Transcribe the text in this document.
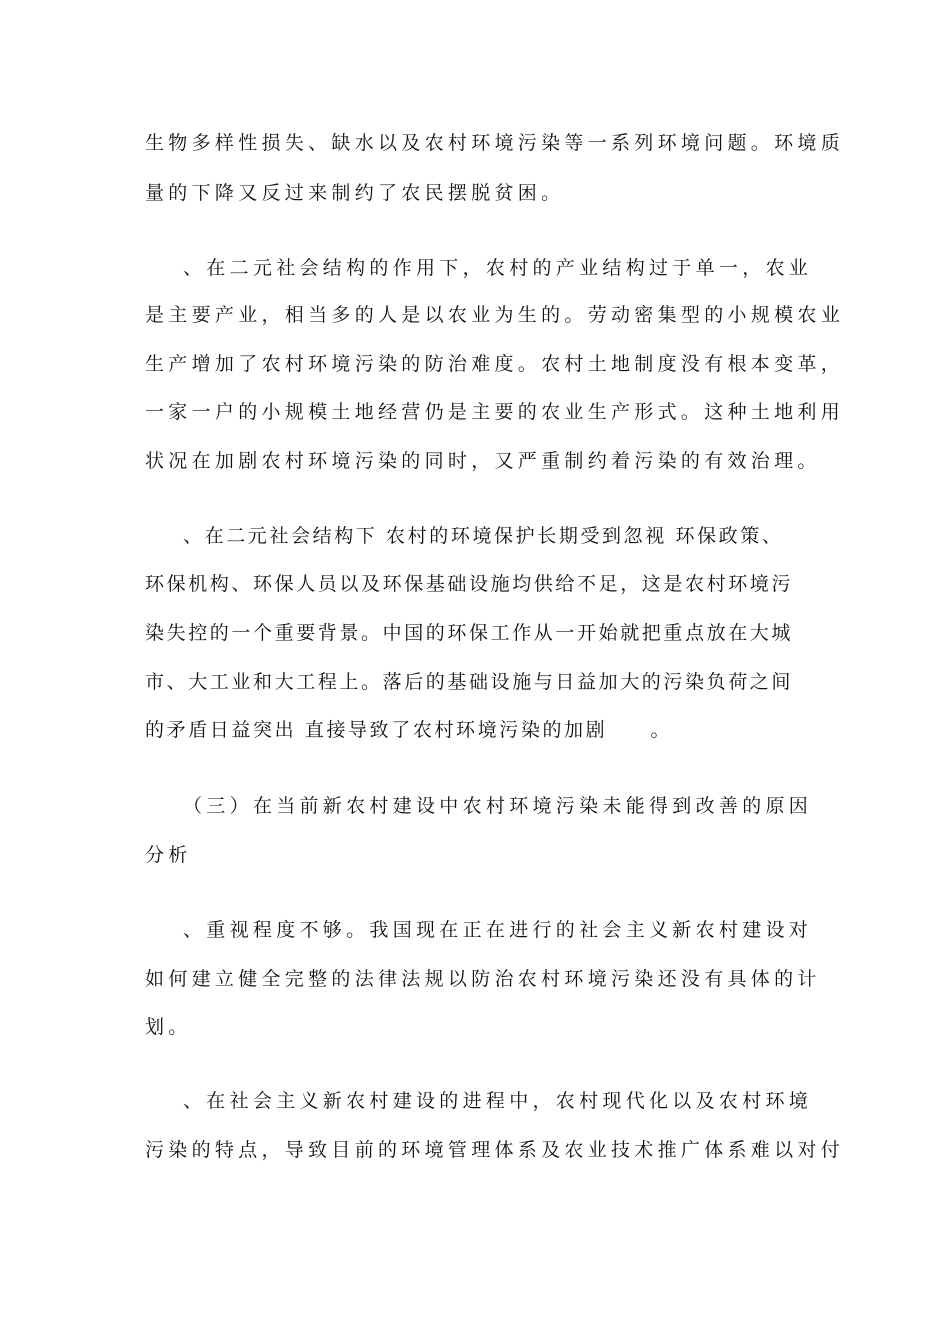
生物多样性损失、缺水以及农村环境污染等一系列环境问题。环境质
量的下降又反过来制约了农民摆脱贫困。
、在二元社会结构的作用下，农村的产业结构过于单一，农业
是主要产业，相当多的人是以农业为生的。劳动密集型的小规模农业
生产增加了农村环境污染的防治难度。农村土地制度没有根本变革，
一家一户的小规模土地经营仍是主要的农业生产形式。这种土地利用
状况在加剧农村环境污染的同时，又严重制约着污染的有效治理。
、在二元社会结构下 农村的环境保护长期受到忽视 环保政策、
环保机构、环保人员以及环保基础设施均供给不足，这是农村环境污
染失控的一个重要背景。中国的环保工作从一开始就把重点放在大城
市、大工业和大工程上。落后的基础设施与日益加大的污染负荷之间
的矛盾日益突出 直接导致了农村环境污染的加剧　　。
（三）在当前新农村建设中农村环境污染未能得到改善的原因
分析
、重视程度不够。我国现在正在进行的社会主义新农村建设对
如何建立健全完整的法律法规以防治农村环境污染还没有具体的计
划。
、在社会主义新农村建设的进程中，农村现代化以及农村环境
污染的特点，导致目前的环境管理体系及农业技术推广体系难以对付
